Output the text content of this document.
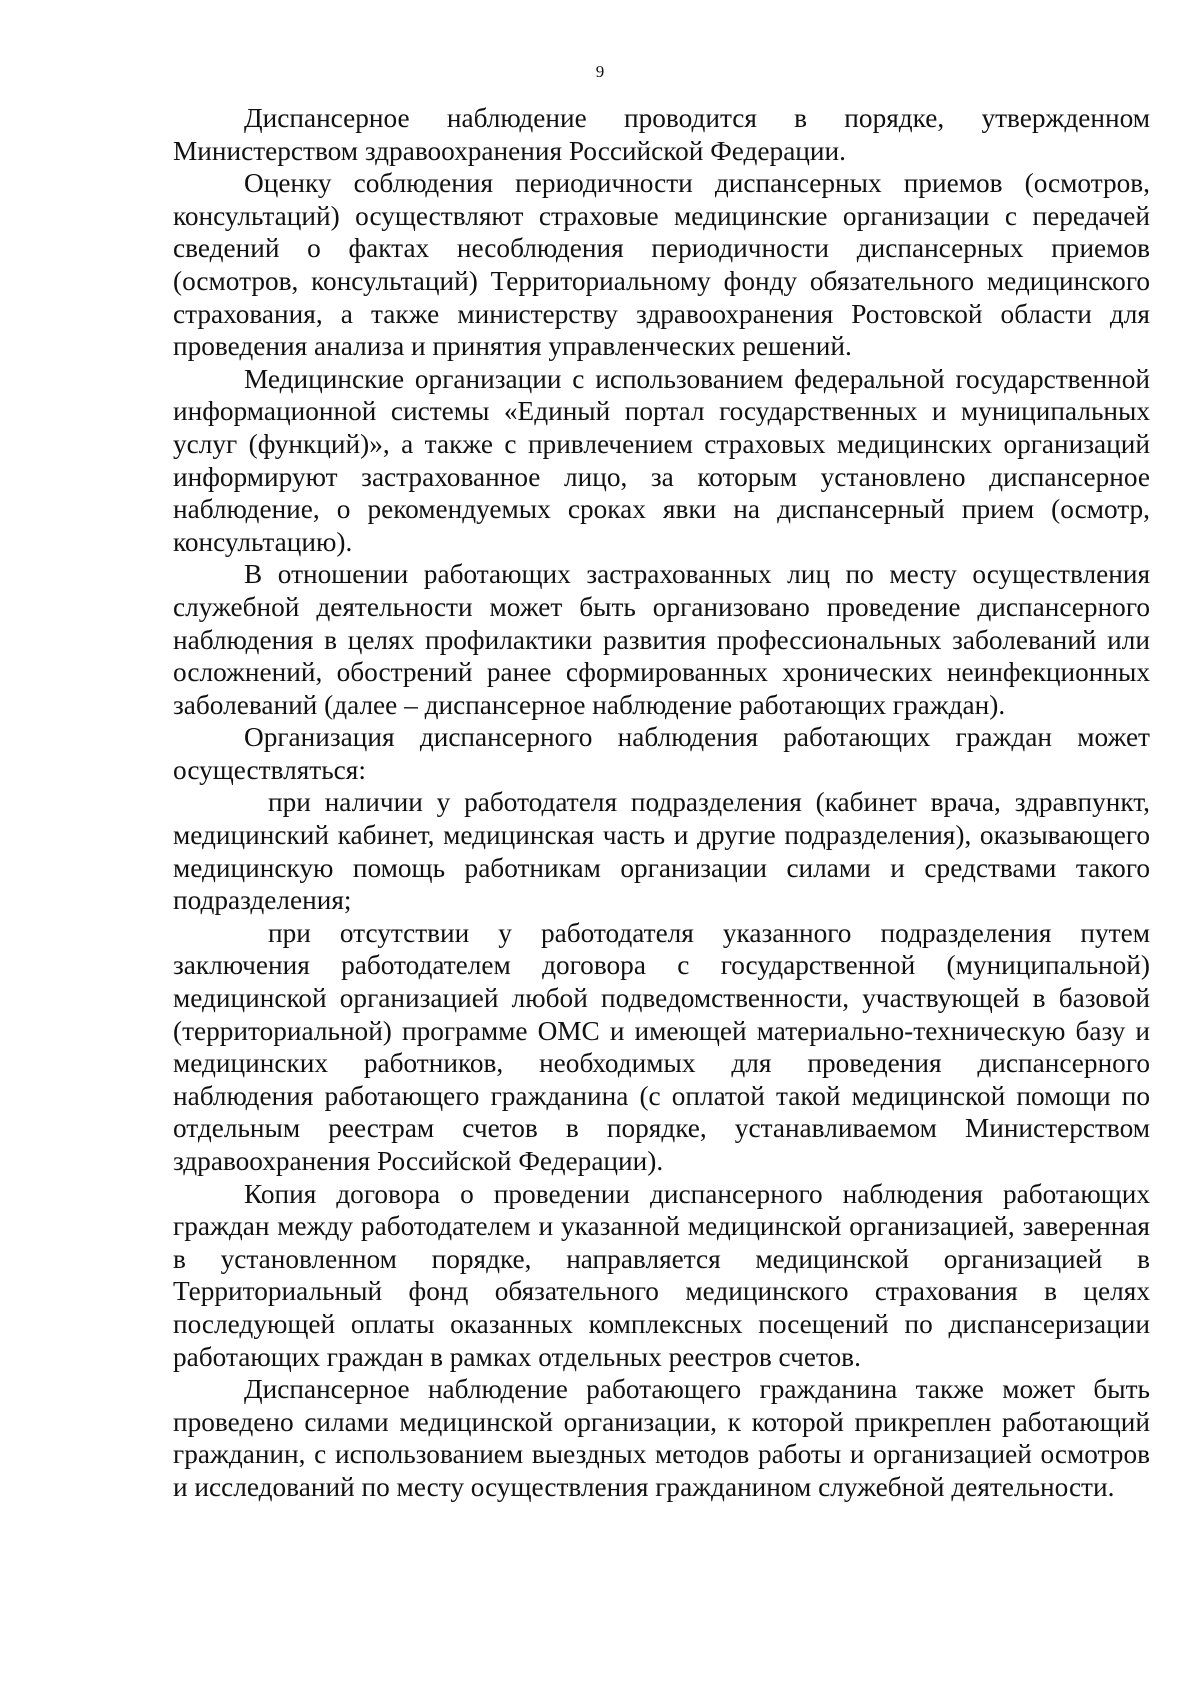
9

Диспансерное наблюдение проводится в порядке, утвержденном Министерством здравоохранения Российской Федерации.

Оценку соблюдения периодичности диспансерных приемов (осмотров, консультаций) осуществляют страховые медицинские организации с передачей сведений о фактах несоблюдения периодичности диспансерных приемов (осмотров, консультаций) Территориальному фонду обязательного медицинского страхования, а также министерству здравоохранения Ростовской области для проведения анализа и принятия управленческих решений.

Медицинские организации с использованием федеральной государственной информационной системы «Единый портал государственных и муниципальных услуг (функций)», а также с привлечением страховых медицинских организаций информируют застрахованное лицо, за которым установлено диспансерное наблюдение, о рекомендуемых сроках явки на диспансерный прием (осмотр, консультацию).

В отношении работающих застрахованных лиц по месту осуществления служебной деятельности может быть организовано проведение диспансерного наблюдения в целях профилактики развития профессиональных заболеваний или осложнений, обострений ранее сформированных хронических неинфекционных заболеваний (далее – диспансерное наблюдение работающих граждан).

Организация диспансерного наблюдения работающих граждан может осуществляться:

при наличии у работодателя подразделения (кабинет врача, здравпункт, медицинский кабинет, медицинская часть и другие подразделения), оказывающего медицинскую помощь работникам организации силами и средствами такого подразделения;

при отсутствии у работодателя указанного подразделения путем заключения работодателем договора с государственной (муниципальной) медицинской организацией любой подведомственности, участвующей в базовой (территориальной) программе ОМС и имеющей материально-техническую базу и медицинских работников, необходимых для проведения диспансерного наблюдения работающего гражданина (с оплатой такой медицинской помощи по отдельным реестрам счетов в порядке, устанавливаемом Министерством здравоохранения Российской Федерации).

Копия договора о проведении диспансерного наблюдения работающих граждан между работодателем и указанной медицинской организацией, заверенная в установленном порядке, направляется медицинской организацией в Территориальный фонд обязательного медицинского страхования в целях последующей оплаты оказанных комплексных посещений по диспансеризации работающих граждан в рамках отдельных реестров счетов.

Диспансерное наблюдение работающего гражданина также может быть проведено силами медицинской организации, к которой прикреплен работающий гражданин, с использованием выездных методов работы и организацией осмотров и исследований по месту осуществления гражданином служебной деятельности.
